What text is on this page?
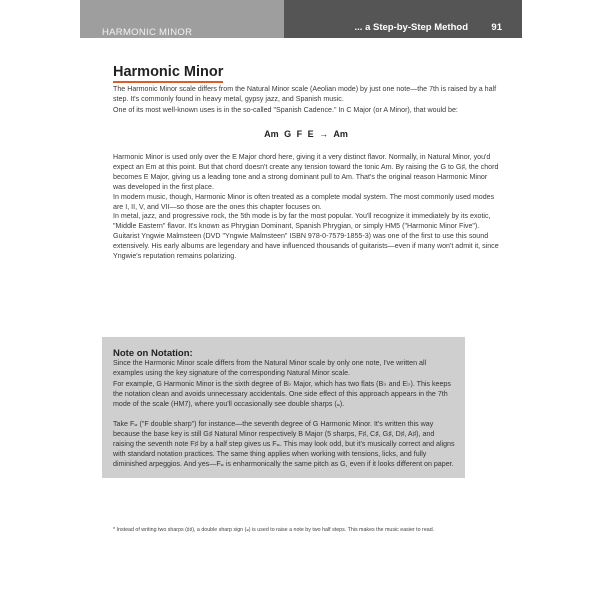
HARMONIC MINOR	... a Step-by-Step Method 91
Harmonic Minor

The Harmonic Minor scale differs from the Natural Minor scale (Aeolian mode) by just one note—the 7th is raised by a half step. It's commonly found in heavy metal, gypsy jazz, and Spanish music.

One of its most well-known uses is in the so-called "Spanish Cadence." In C Major (or A Minor), that would be:

Am G F E → Am

Harmonic Minor is used only over the E Major chord here, giving it a very distinct flavor. Normally, in Natural Minor, you'd expect an Em at this point. But that chord doesn't create any tension toward the tonic Am. By raising the G to G♯, the chord becomes E Major, giving us a leading tone and a strong dominant pull to Am. That's the original reason Harmonic Minor was developed in the first place.

In modern music, though, Harmonic Minor is often treated as a complete modal system. The most commonly used modes are I, II, V, and VII—so those are the ones this chapter focuses on.

In metal, jazz, and progressive rock, the 5th mode is by far the most popular. You'll recognize it immediately by its exotic, "Middle Eastern" flavor. It's known as Phrygian Dominant, Spanish Phrygian, or simply HM5 ("Harmonic Minor Five"). Guitarist Yngwie Malmsteen (DVD "Yngwie Malmsteen" ISBN 978-0-7579-1855-3) was one of the first to use this sound extensively. His early albums are legendary and have influenced thousands of guitarists—even if many won't admit it, since Yngwie's reputation remains polarizing.

Note on Notation:
Since the Harmonic Minor scale differs from the Natural Minor scale by only one note, I've written all examples using the key signature of the corresponding Natural Minor scale.
For example, G Harmonic Minor is the sixth degree of B♭ Major, which has two flats (B♭ and E♭). This keeps the notation clean and avoids unnecessary accidentals. One side effect of this approach appears in the 7th mode of the scale (HM7), where you'll occasionally see double sharps (𝄪).
Take F𝄪 ("F double sharp") for instance—the seventh degree of G Harmonic Minor. It's written this way because the base key is still G♯ Natural Minor respectively B Major (5 sharps, F♯, C♯, G♯, D♯, A♯), and raising the seventh note F♯ by a half step gives us F𝄪. This may look odd, but it's musically correct and aligns with standard notation practices. The same thing applies when working with tensions, licks, and fully diminished arpeggios. And yes—F𝄪 is enharmonically the same pitch as G, even if it looks different on paper.
* Instead of writing two sharps (♯♯), a double sharp sign (𝄪) is used to raise a note by two half steps. This makes the music easier to read.
